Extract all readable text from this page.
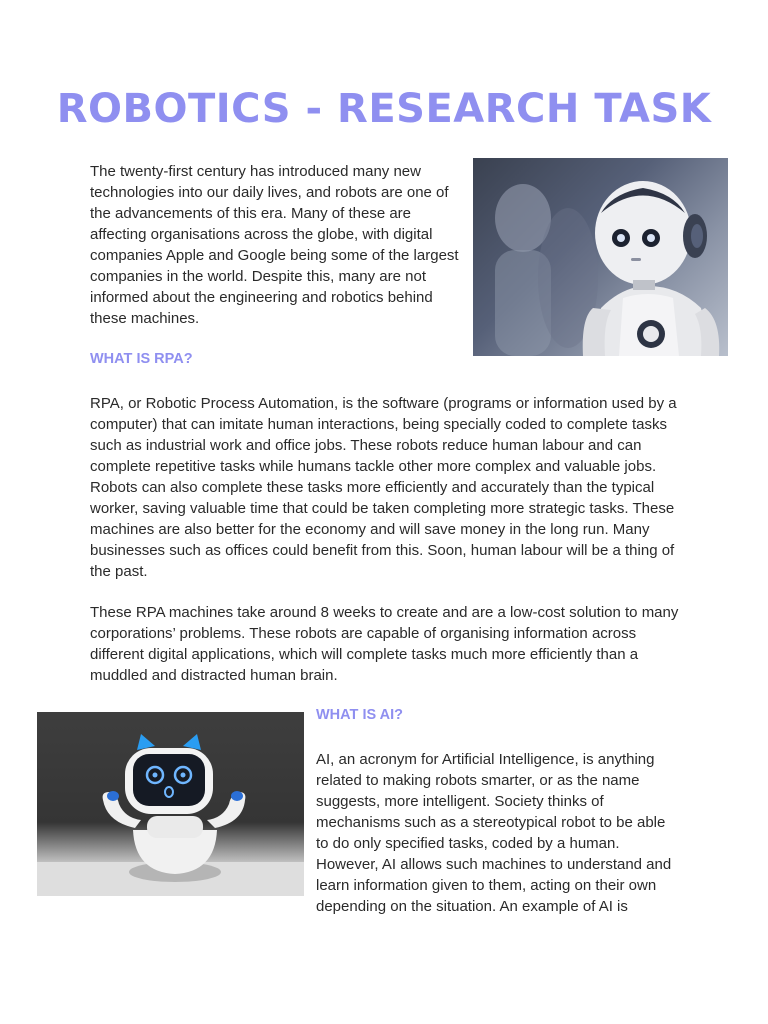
ROBOTICS - RESEARCH TASK

The twenty-first century has introduced many new technologies into our daily lives, and robots are one of the advancements of this era. Many of these are affecting organisations across the globe, with digital companies Apple and Google being some of the largest companies in the world. Despite this, many are not informed about the engineering and robotics behind these machines.

WHAT IS RPA?

RPA, or Robotic Process Automation, is the software (programs or information used by a computer) that can imitate human interactions, being specially coded to complete tasks such as industrial work and office jobs. These robots reduce human labour and can complete repetitive tasks while humans tackle other more complex and valuable jobs. Robots can also complete these tasks more efficiently and accurately than the typical worker, saving valuable time that could be taken completing more strategic tasks. These machines are also better for the economy and will save money in the long run. Many businesses such as offices could benefit from this. Soon, human labour will be a thing of the past.

These RPA machines take around 8 weeks to create and are a low-cost solution to many corporations’ problems. These robots are capable of organising information across different digital applications, which will complete tasks much more efficiently than a muddled and distracted human brain.

WHAT IS AI?

AI, an acronym for Artificial Intelligence, is anything related to making robots smarter, or as the name suggests, more intelligent. Society thinks of mechanisms such as a stereotypical robot to be able to do only specified tasks, coded by a human. However, AI allows such machines to understand and learn information given to them, acting on their own depending on the situation. An example of AI is
